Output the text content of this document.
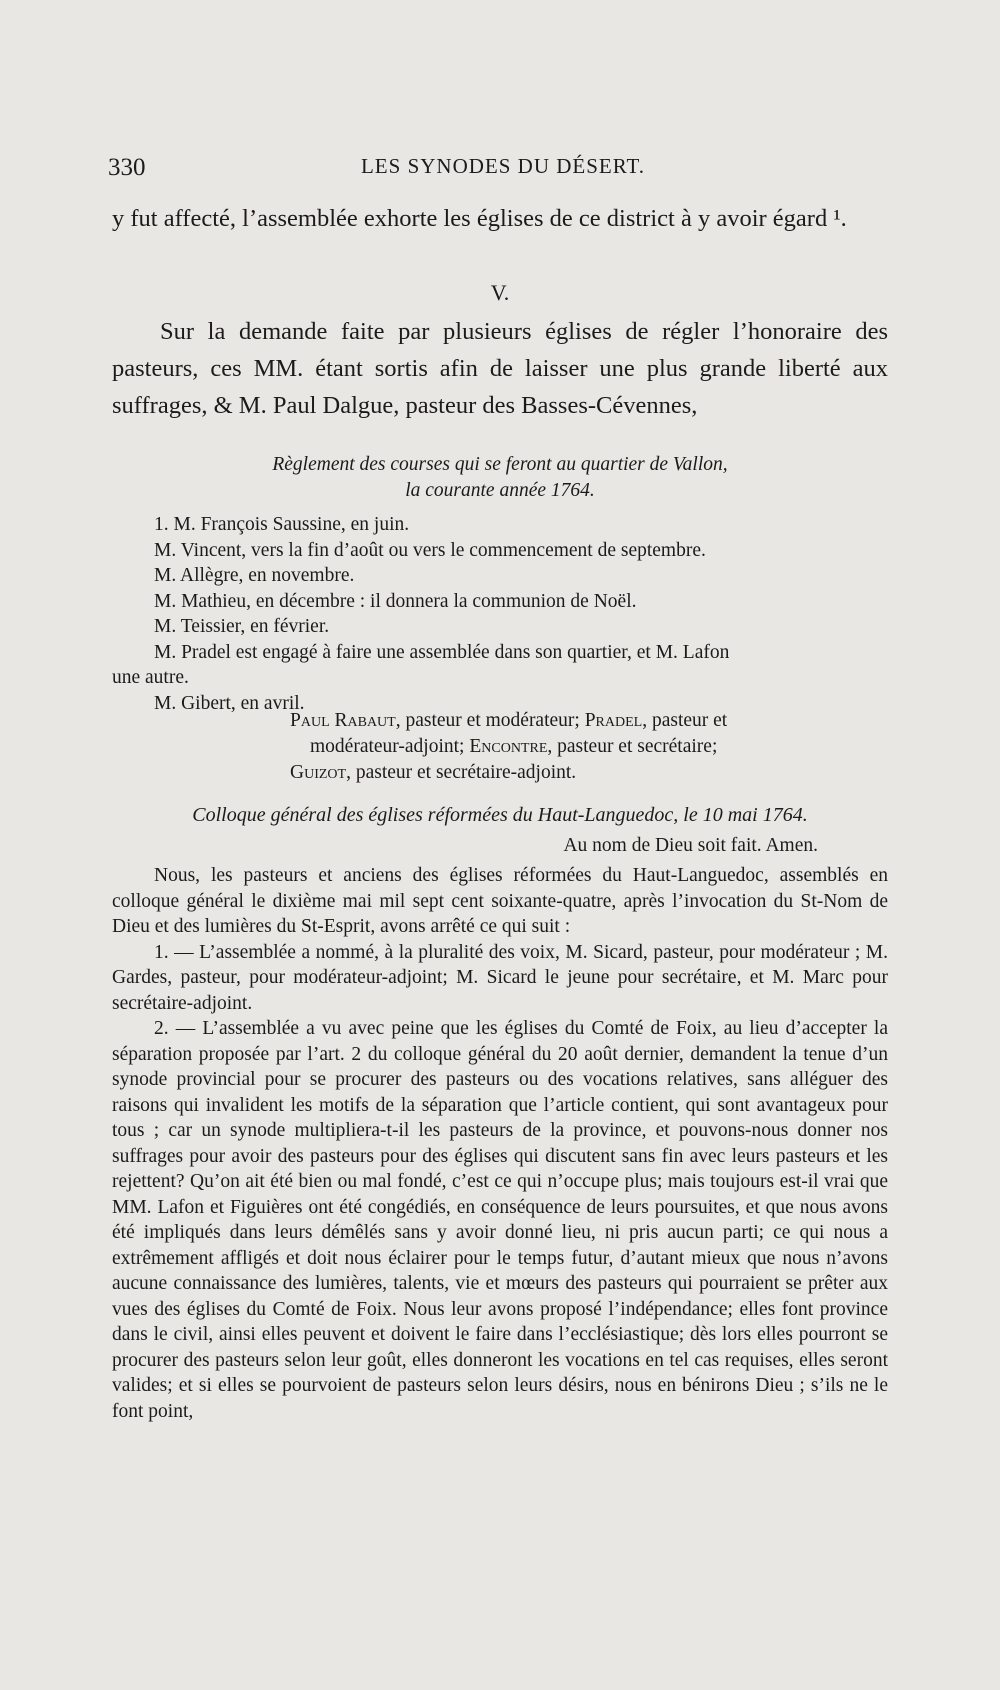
330	LES SYNODES DU DÉSERT.

y fut affecté, l’assemblée exhorte les églises de ce district à y avoir égard ¹.

V.

Sur la demande faite par plusieurs églises de régler l’honoraire des pasteurs, ces MM. étant sortis afin de laisser une plus grande liberté aux suffrages, & M. Paul Dalgue, pasteur des Basses-Cévennes,

Règlement des courses qui se feront au quartier de Vallon,

la courante année 1764.

1. M. François Saussine, en juin.

M. Vincent, vers la fin d’août ou vers le commencement de septembre.

M. Allègre, en novembre.

M. Mathieu, en décembre : il donnera la communion de Noël.

M. Teissier, en février.

M. Pradel est engagé à faire une assemblée dans son quartier, et M. Lafon

une autre.

M. Gibert, en avril.

Paul Rabaut, pasteur et modérateur; Pradel, pasteur et

modérateur-adjoint; Encontre, pasteur et secrétaire;

Guizot, pasteur et secrétaire-adjoint.

Colloque général des églises réformées du Haut-Languedoc, le 10 mai 1764.

Au nom de Dieu soit fait. Amen.

Nous, les pasteurs et anciens des églises réformées du Haut-Languedoc, assemblés en colloque général le dixième mai mil sept cent soixante-quatre, après l’invocation du St-Nom de Dieu et des lumières du St-Esprit, avons arrêté ce qui suit :

1. — L’assemblée a nommé, à la pluralité des voix, M. Sicard, pasteur, pour modérateur ; M. Gardes, pasteur, pour modérateur-adjoint; M. Sicard le jeune pour secrétaire, et M. Marc pour secrétaire-adjoint.

2. — L’assemblée a vu avec peine que les églises du Comté de Foix, au lieu d’accepter la séparation proposée par l’art. 2 du colloque général du 20 août dernier, demandent la tenue d’un synode provincial pour se procurer des pasteurs ou des vocations relatives, sans alléguer des raisons qui invalident les motifs de la séparation que l’article contient, qui sont avantageux pour tous ; car un synode multipliera-t-il les pasteurs de la province, et pouvons-nous donner nos suffrages pour avoir des pasteurs pour des églises qui discutent sans fin avec leurs pasteurs et les rejettent? Qu’on ait été bien ou mal fondé, c’est ce qui n’occupe plus; mais toujours est-il vrai que MM. Lafon et Figuières ont été congédiés, en conséquence de leurs poursuites, et que nous avons été impliqués dans leurs démêlés sans y avoir donné lieu, ni pris aucun parti; ce qui nous a extrêmement affligés et doit nous éclairer pour le temps futur, d’autant mieux que nous n’avons aucune connaissance des lumières, talents, vie et mœurs des pasteurs qui pourraient se prêter aux vues des églises du Comté de Foix. Nous leur avons proposé l’indépendance; elles font province dans le civil, ainsi elles peuvent et doivent le faire dans l’ecclésiastique; dès lors elles pourront se procurer des pasteurs selon leur goût, elles donneront les vocations en tel cas requises, elles seront valides; et si elles se pourvoient de pasteurs selon leurs désirs, nous en bénirons Dieu ; s’ils ne le font point,
